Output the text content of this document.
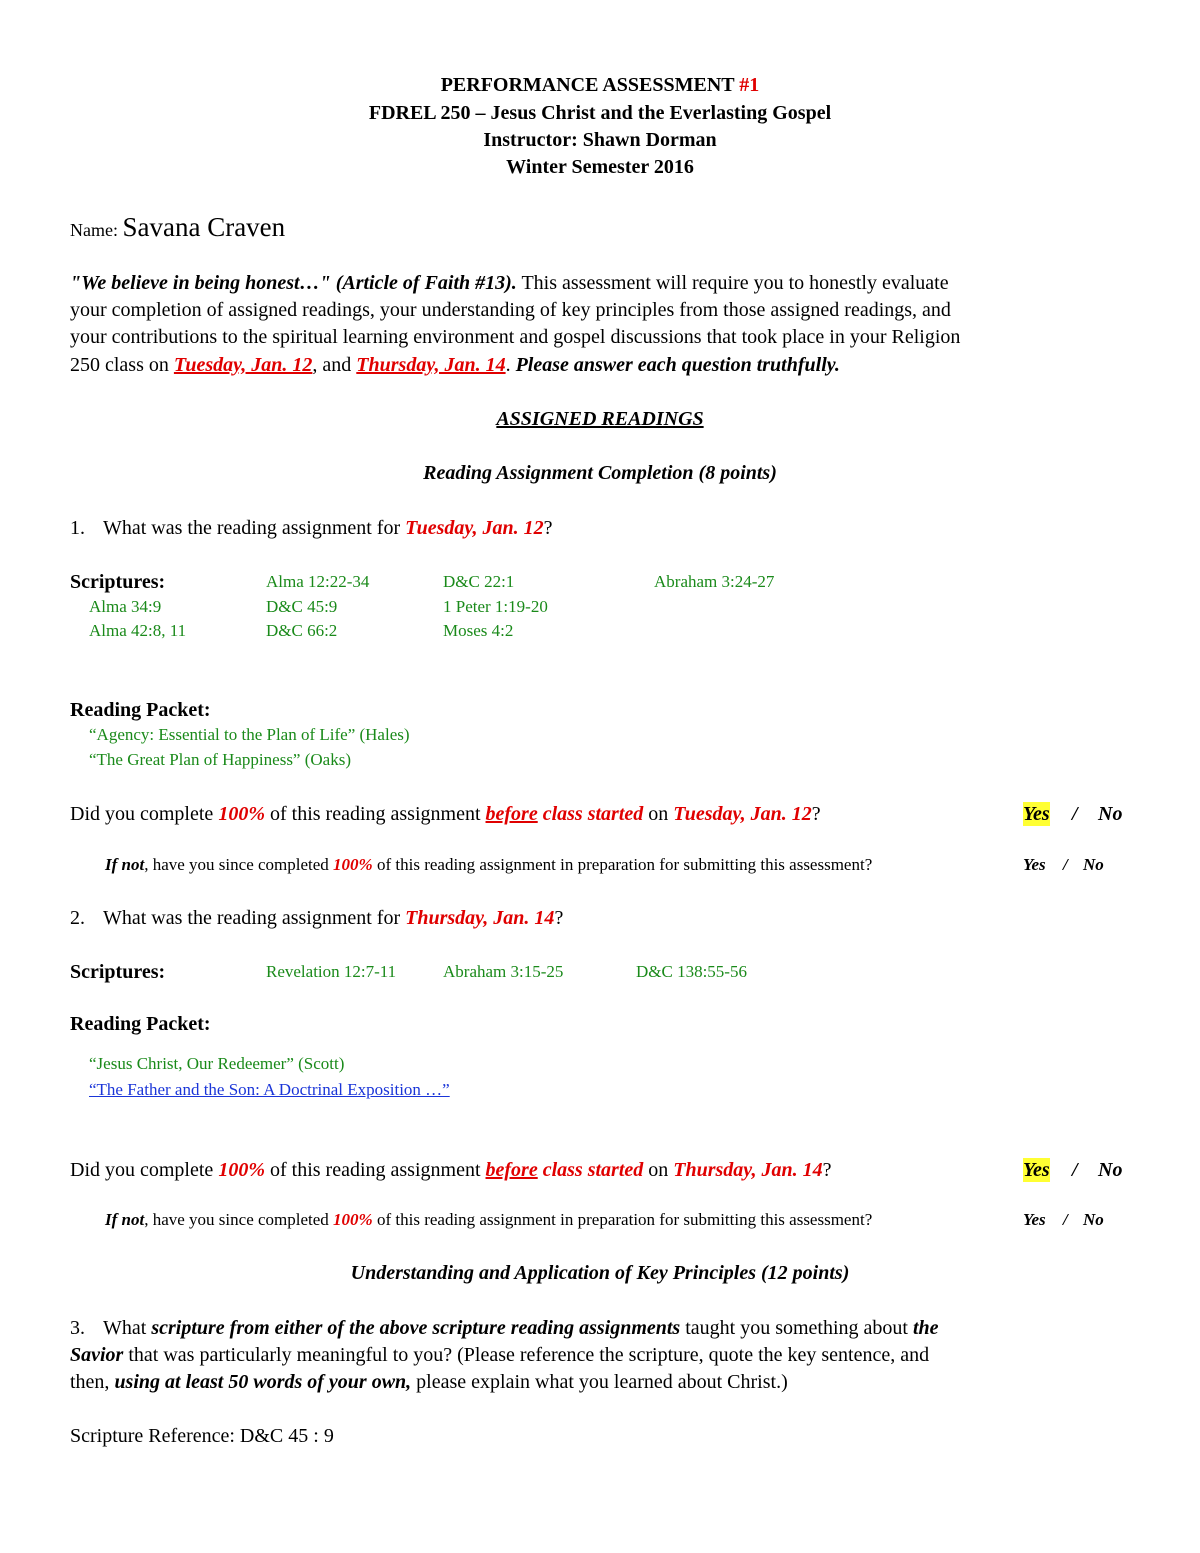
PERFORMANCE ASSESSMENT #1
FDREL 250 – Jesus Christ and the Everlasting Gospel
Instructor: Shawn Dorman
Winter Semester 2016
Name: Savana Craven
"We believe in being honest…" (Article of Faith #13). This assessment will require you to honestly evaluate
your completion of assigned readings, your understanding of key principles from those assigned readings, and
your contributions to the spiritual learning environment and gospel discussions that took place in your Religion
250 class on Tuesday, Jan. 12, and Thursday, Jan. 14. Please answer each question truthfully.
ASSIGNED READINGS
Reading Assignment Completion (8 points)
1. What was the reading assignment for Tuesday, Jan. 12?
Scriptures:	Alma 12:22-34	D&C 22:1	Abraham 3:24-27
Alma 34:9	D&C 45:9	1 Peter 1:19-20
Alma 42:8, 11	D&C 66:2	Moses 4:2
Reading Packet:
“Agency: Essential to the Plan of Life” (Hales)
“The Great Plan of Happiness” (Oaks)
Did you complete 100% of this reading assignment before class started on Tuesday, Jan. 12?	Yes / No
If not, have you since completed 100% of this reading assignment in preparation for submitting this assessment?	Yes / No
2. What was the reading assignment for Thursday, Jan. 14?
Scriptures:	Revelation 12:7-11	Abraham 3:15-25	D&C 138:55-56
Reading Packet:
“Jesus Christ, Our Redeemer” (Scott)
“The Father and the Son: A Doctrinal Exposition …”
Did you complete 100% of this reading assignment before class started on Thursday, Jan. 14?	Yes / No
If not, have you since completed 100% of this reading assignment in preparation for submitting this assessment?	Yes / No
Understanding and Application of Key Principles (12 points)
3. What scripture from either of the above scripture reading assignments taught you something about the
Savior that was particularly meaningful to you? (Please reference the scripture, quote the key sentence, and
then, using at least 50 words of your own, please explain what you learned about Christ.)
Scripture Reference: D&C 45 : 9
